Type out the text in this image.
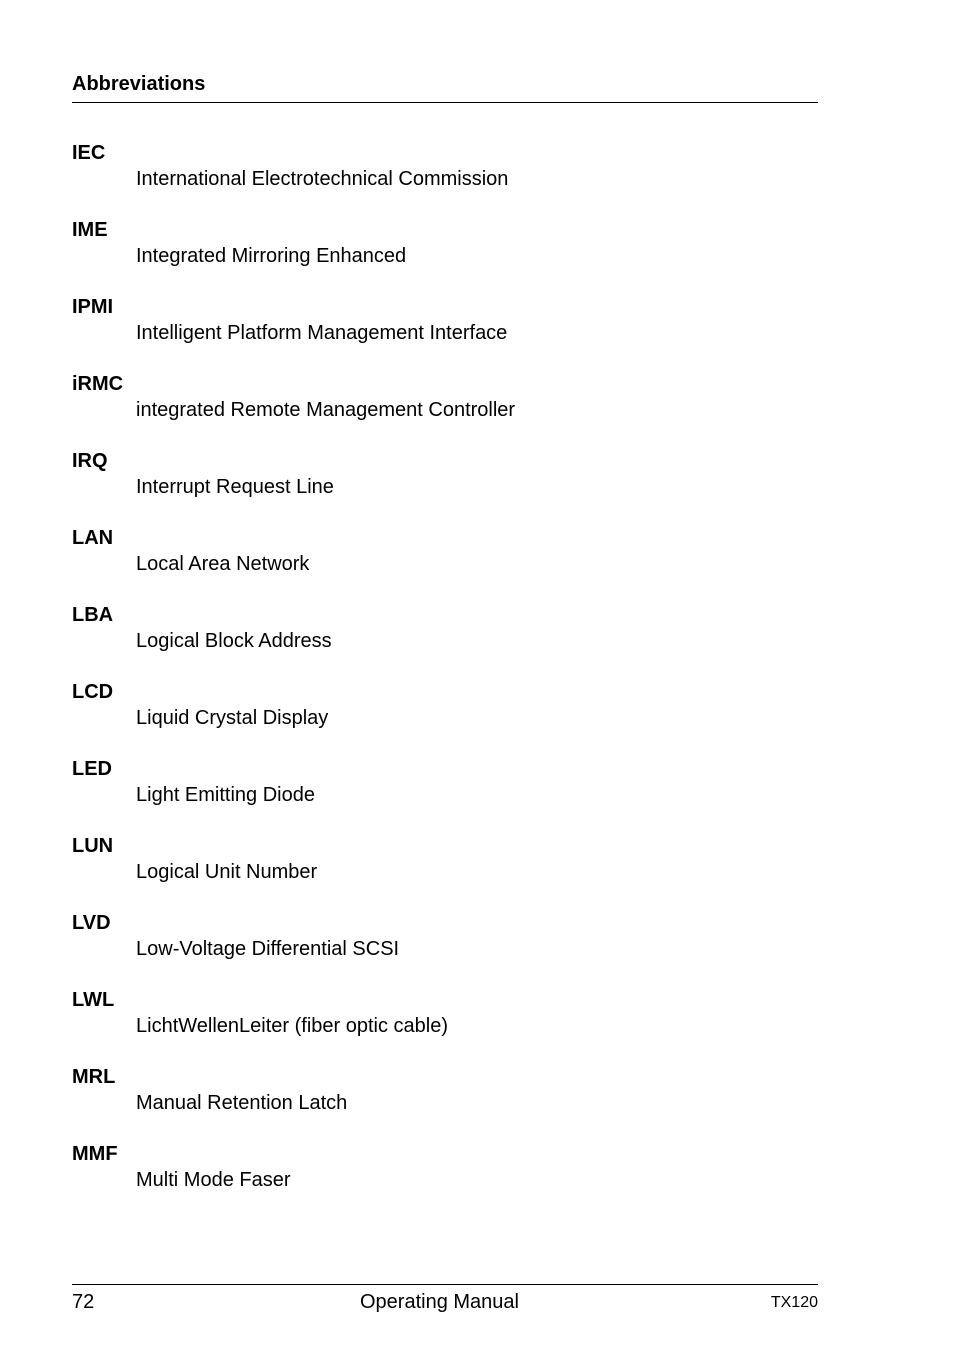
Abbreviations
IEC
International Electrotechnical Commission
IME
Integrated Mirroring Enhanced
IPMI
Intelligent Platform Management Interface
iRMC
integrated Remote Management Controller
IRQ
Interrupt Request Line
LAN
Local Area Network
LBA
Logical Block Address
LCD
Liquid Crystal Display
LED
Light Emitting Diode
LUN
Logical Unit Number
LVD
Low-Voltage Differential SCSI
LWL
LichtWellenLeiter (fiber optic cable)
MRL
Manual Retention Latch
MMF
Multi Mode Faser
72	Operating Manual	TX120
